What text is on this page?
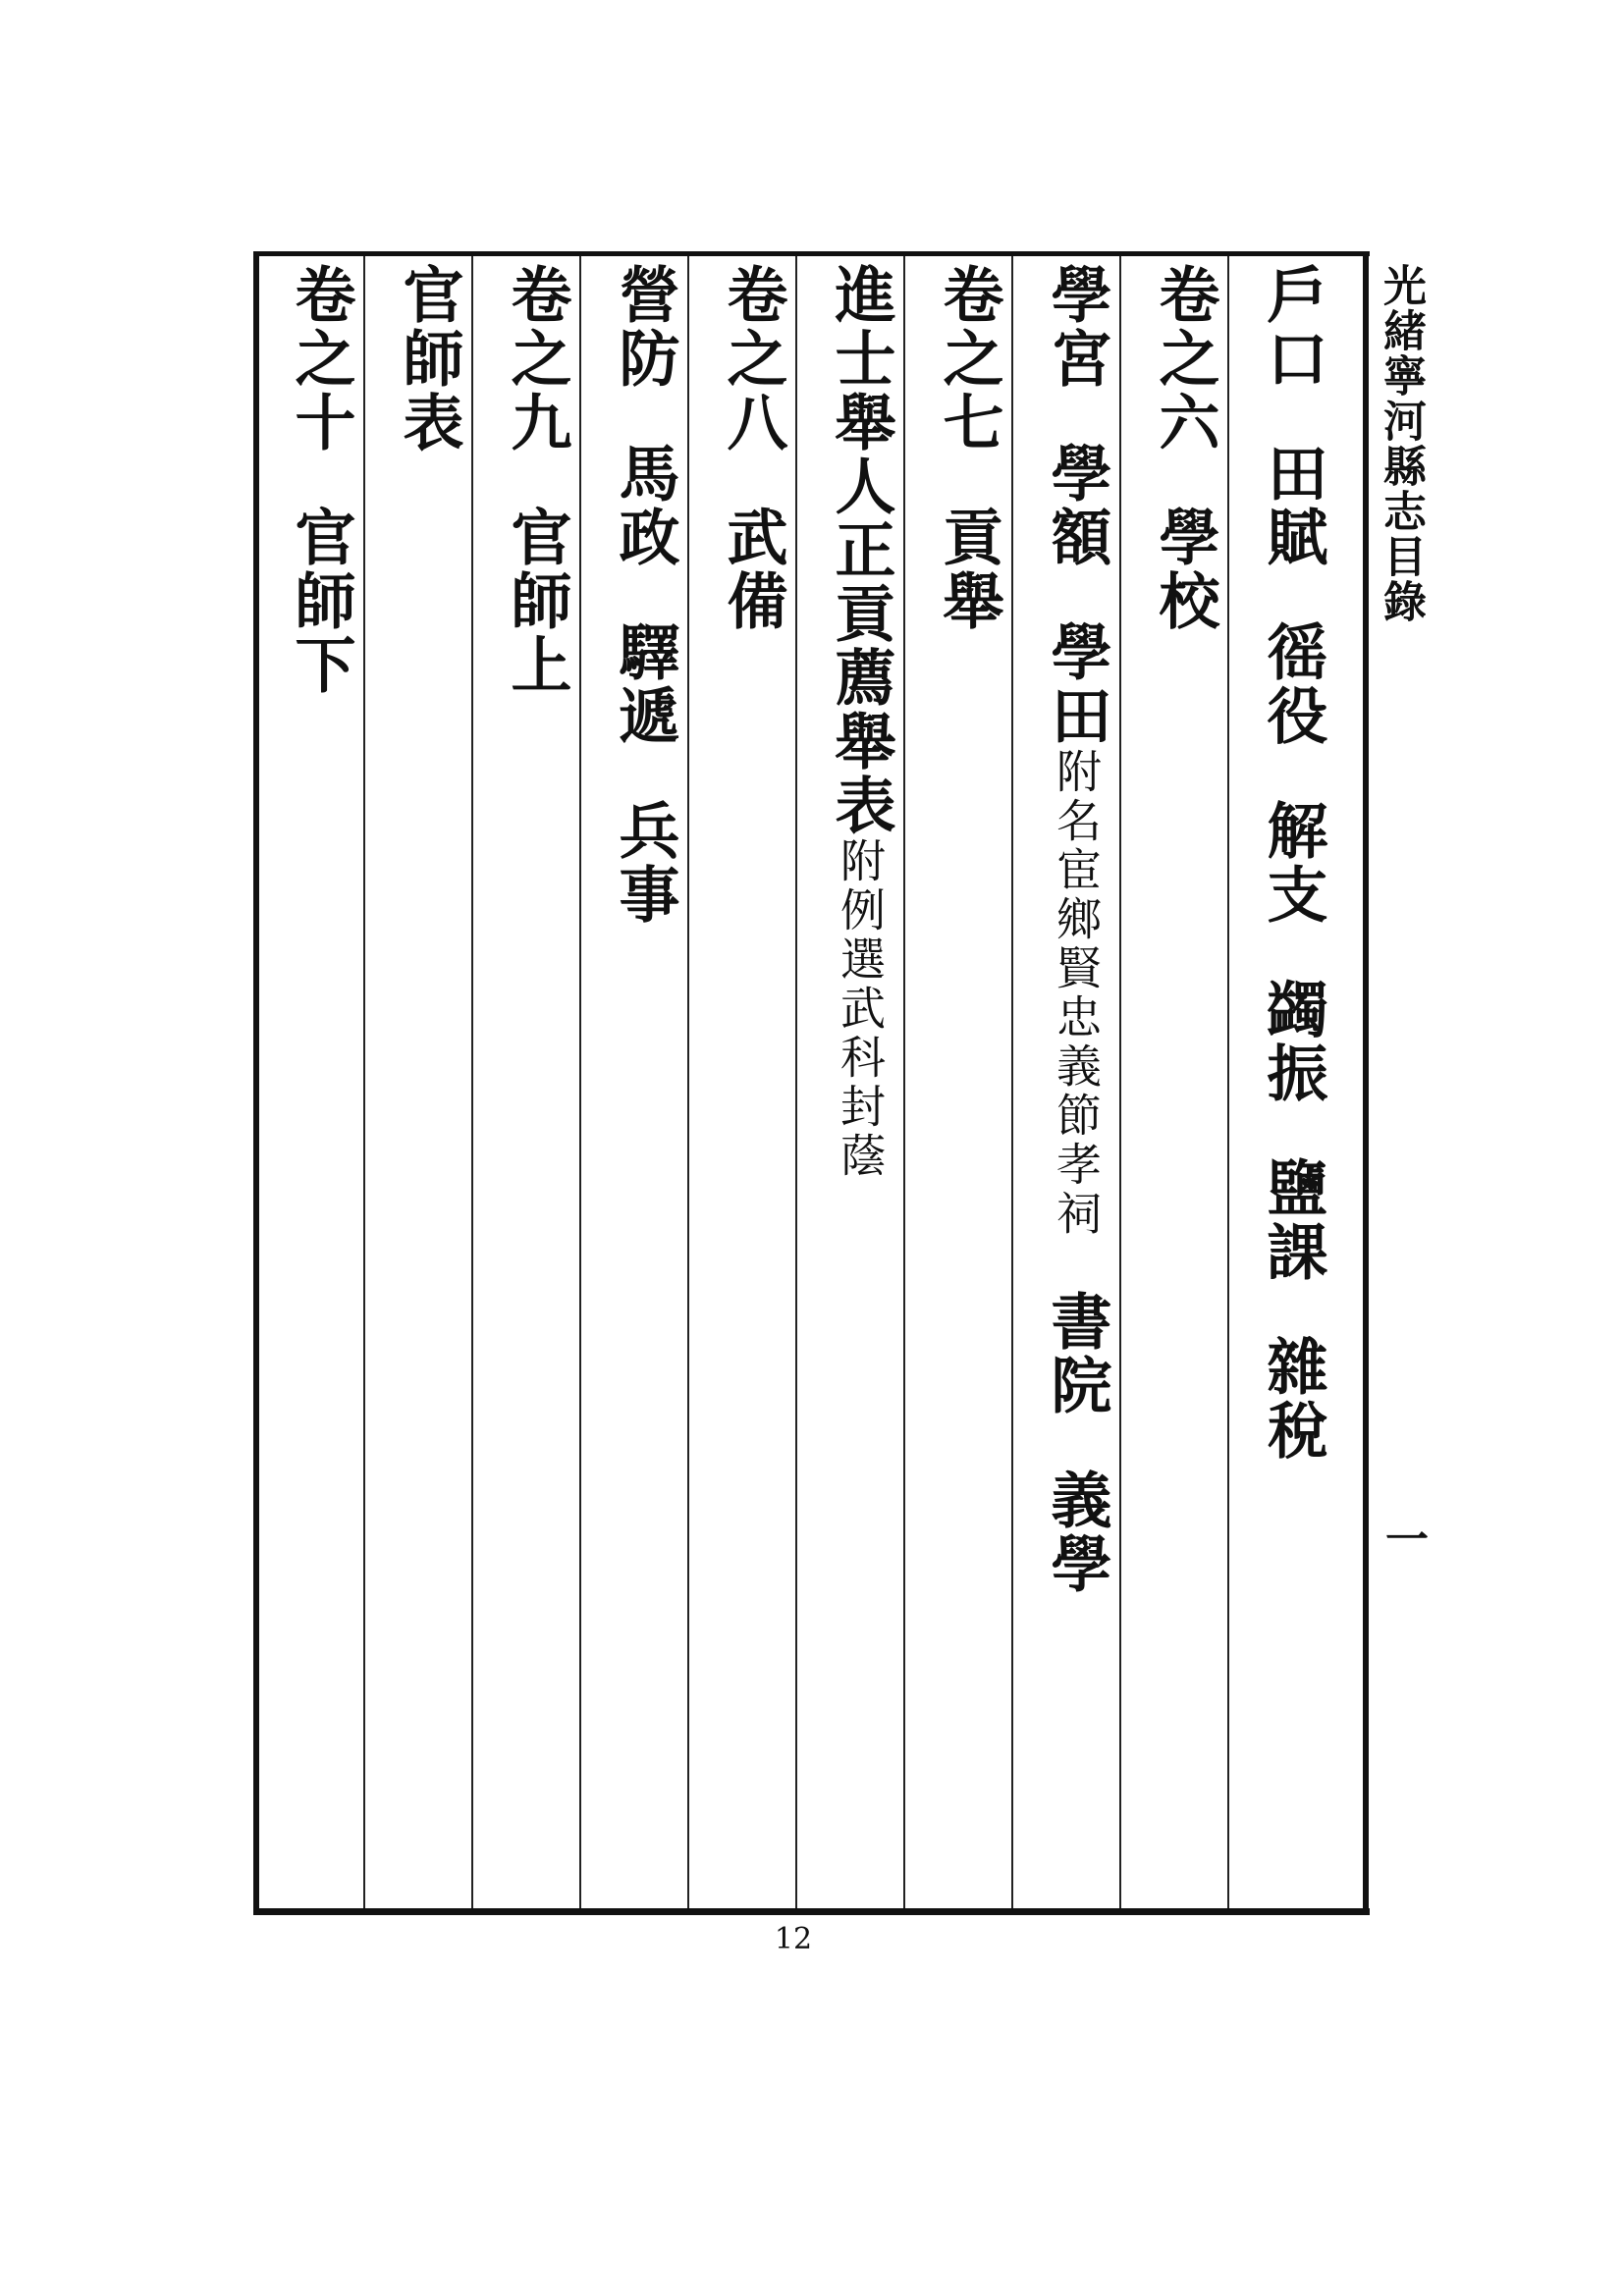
光緒寧河縣志目錄
一
戶口田賦徭役解支蠲振鹽課雜稅
卷之六學校
學宮學額學田附名宦鄉賢忠義節孝祠書院義學
卷之七貢舉
進士舉人正貢薦舉表附例選武科封蔭
卷之八武備
營防馬政驛遞兵事
卷之九官師上
官師表
卷之十官師下
12
